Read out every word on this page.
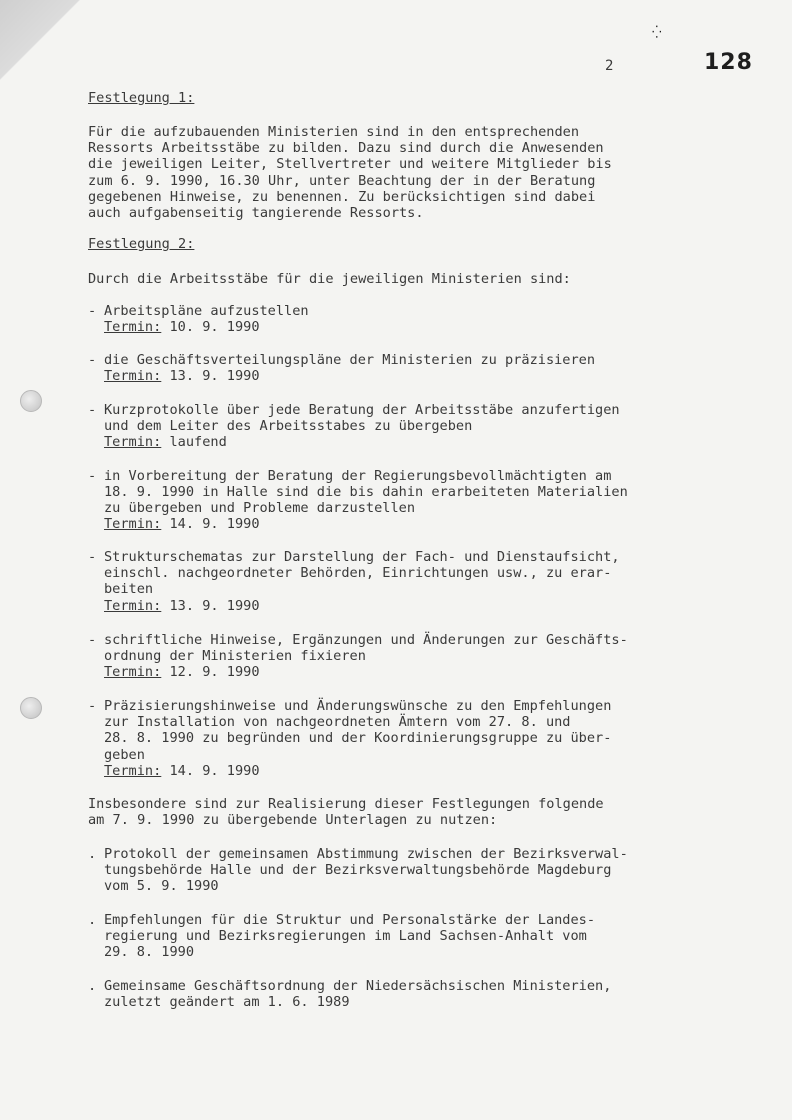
⁛
2	128
Festlegung 1:
Für die aufzubauenden Ministerien sind in den entsprechenden
Ressorts Arbeitsstäbe zu bilden. Dazu sind durch die Anwesenden
die jeweiligen Leiter, Stellvertreter und weitere Mitglieder bis
zum 6. 9. 1990, 16.30 Uhr, unter Beachtung der in der Beratung
gegebenen Hinweise, zu benennen. Zu berücksichtigen sind dabei
auch aufgabenseitig tangierende Ressorts.
Festlegung 2:
Durch die Arbeitsstäbe für die jeweiligen Ministerien sind:
- Arbeitspläne aufzustellen
Termin: 10. 9. 1990
- die Geschäftsverteilungspläne der Ministerien zu präzisieren
Termin: 13. 9. 1990
- Kurzprotokolle über jede Beratung der Arbeitsstäbe anzufertigen
und dem Leiter des Arbeitsstabes zu übergeben
Termin: laufend
- in Vorbereitung der Beratung der Regierungsbevollmächtigten am
18. 9. 1990 in Halle sind die bis dahin erarbeiteten Materialien
zu übergeben und Probleme darzustellen
Termin: 14. 9. 1990
- Strukturschematas zur Darstellung der Fach- und Dienstaufsicht,
einschl. nachgeordneter Behörden, Einrichtungen usw., zu erar-
beiten
Termin: 13. 9. 1990
- schriftliche Hinweise, Ergänzungen und Änderungen zur Geschäfts-
ordnung der Ministerien fixieren
Termin: 12. 9. 1990
- Präzisierungshinweise und Änderungswünsche zu den Empfehlungen
zur Installation von nachgeordneten Ämtern vom 27. 8. und
28. 8. 1990 zu begründen und der Koordinierungsgruppe zu über-
geben
Termin: 14. 9. 1990
Insbesondere sind zur Realisierung dieser Festlegungen folgende
am 7. 9. 1990 zu übergebende Unterlagen zu nutzen:
. Protokoll der gemeinsamen Abstimmung zwischen der Bezirksverwal-
tungsbehörde Halle und der Bezirksverwaltungsbehörde Magdeburg
vom 5. 9. 1990
. Empfehlungen für die Struktur und Personalstärke der Landes-
regierung und Bezirksregierungen im Land Sachsen-Anhalt vom
29. 8. 1990
. Gemeinsame Geschäftsordnung der Niedersächsischen Ministerien,
zuletzt geändert am 1. 6. 1989
